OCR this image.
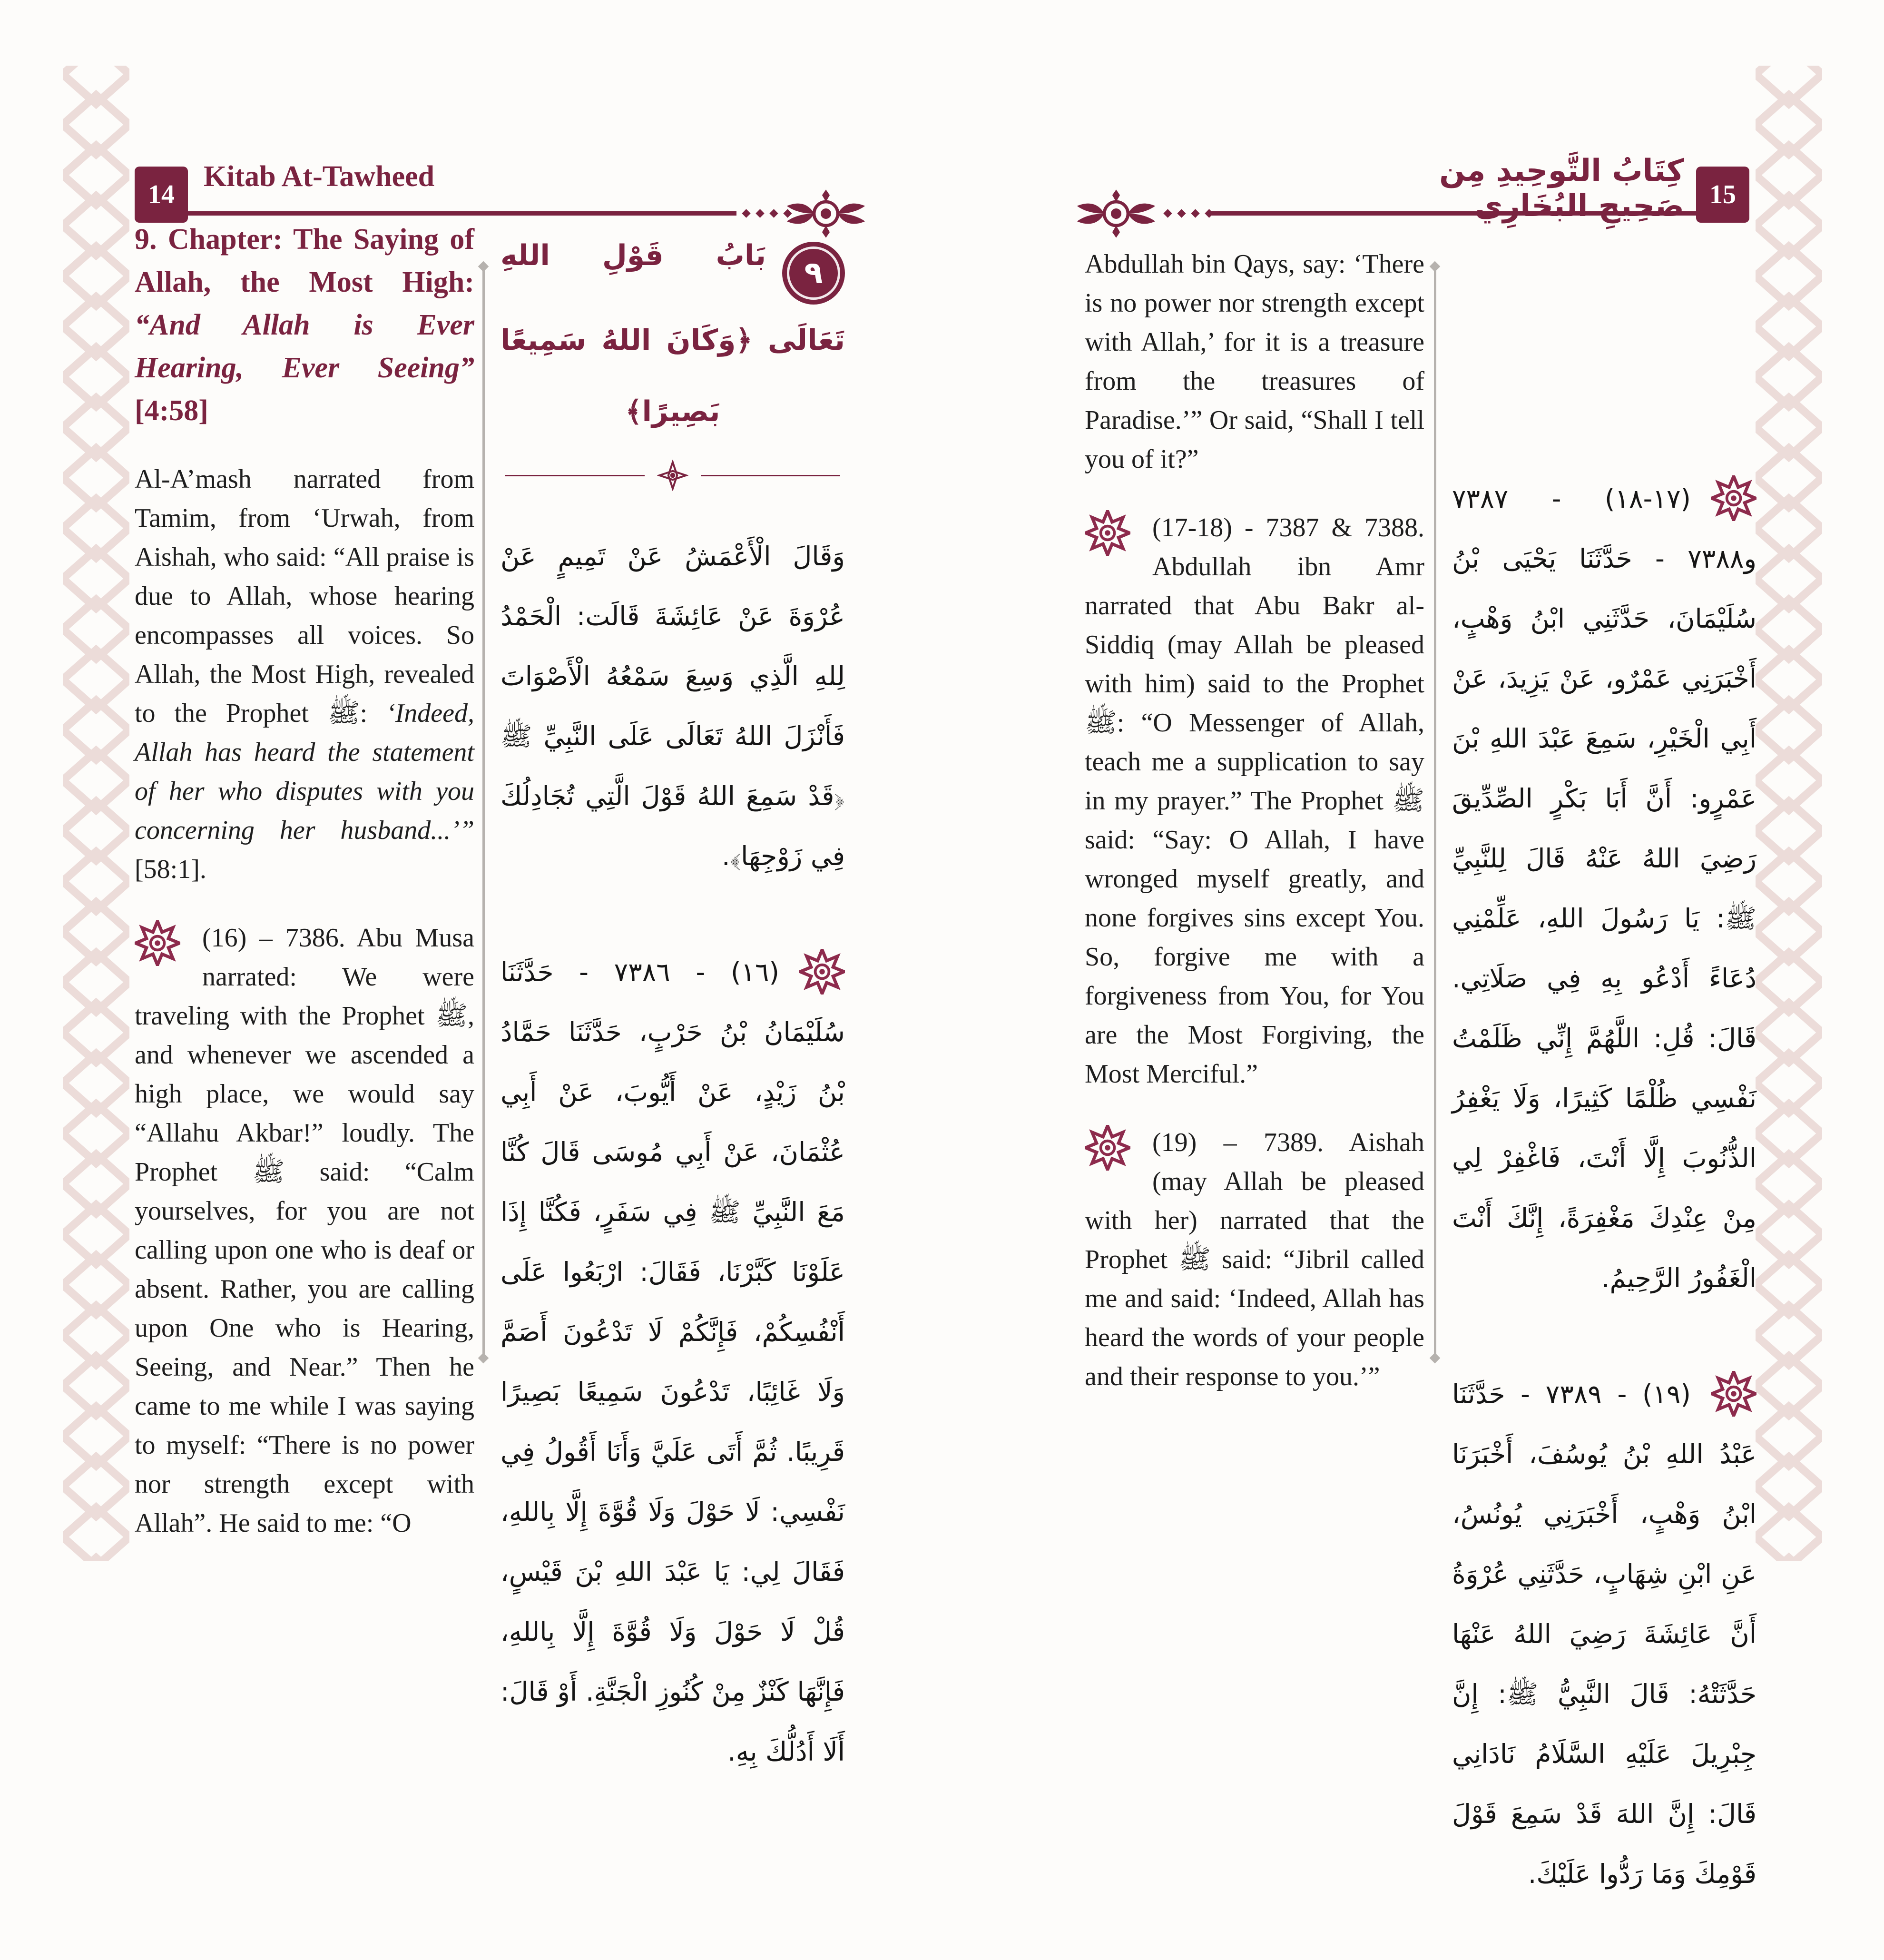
14
Kitab At-Tawheed
9. Chapter: The Saying of Allah, the Most High: “And Allah is Ever Hearing, Ever Seeing” [4:58]

Al-A’mash narrated from Tamim, from ‘Urwah, from Aishah, who said: “All praise is due to Allah, whose hearing encompasses all voices. So Allah, the Most High, revealed to the Prophet ﷺ: ‘Indeed, Allah has heard the statement of her who disputes with you concerning her husband...’” [58:1].

(16) – 7386. Abu Musa narrated: We were traveling with the Prophet ﷺ, and whenever we ascended a high place, we would say “Allahu Akbar!” loudly. The Prophet ﷺ said: “Calm yourselves, for you are not calling upon one who is deaf or absent. Rather, you are calling upon One who is Hearing, Seeing, and Near.” Then he came to me while I was saying to myself: “There is no power nor strength except with Allah”. He said to me: “O

٩
بَابُ قَوْلِ اللهِ تَعَالَى ﴿وَكَانَ اللهُ سَمِيعًا بَصِيرًا﴾

وَقَالَ الْأَعْمَشُ عَنْ تَمِيمٍ عَنْ عُرْوَةَ عَنْ عَائِشَةَ قَالَت: الْحَمْدُ لِلهِ الَّذِي وَسِعَ سَمْعُهُ الْأَصْوَاتَ فَأَنْزَلَ اللهُ تَعَالَى عَلَى النَّبِيِّ ﷺ ﴿قَدْ سَمِعَ اللهُ قَوْلَ الَّتِي تُجَادِلُكَ فِي زَوْجِهَا﴾.

(١٦) - ٧٣٨٦ - حَدَّثَنَا سُلَيْمَانُ بْنُ حَرْبٍ، حَدَّثَنَا حَمَّادُ بْنُ زَيْدٍ، عَنْ أَيُّوبَ، عَنْ أَبِي عُثْمَانَ، عَنْ أَبِي مُوسَى قَالَ كُنَّا مَعَ النَّبِيِّ ﷺ فِي سَفَرٍ، فَكُنَّا إِذَا عَلَوْنَا كَبَّرْنَا، فَقَالَ: ارْبَعُوا عَلَى أَنْفُسِكُمْ، فَإِنَّكُمْ لَا تَدْعُونَ أَصَمَّ وَلَا غَائِبًا، تَدْعُونَ سَمِيعًا بَصِيرًا قَرِيبًا. ثُمَّ أَتَى عَلَيَّ وَأَنَا أَقُولُ فِي نَفْسِي: لَا حَوْلَ وَلَا قُوَّةَ إِلَّا بِاللهِ، فَقَالَ لِي: يَا عَبْدَ اللهِ بْنَ قَيْسٍ، قُلْ لَا حَوْلَ وَلَا قُوَّةَ إِلَّا بِاللهِ، فَإِنَّهَا كَنْزٌ مِنْ كُنُوزِ الْجَنَّةِ. أَوْ قَالَ: أَلَا أَدُلُّكَ بِهِ.

كِتَابُ التَّوحِيدِ مِن صَحِيحِ البُخَارِي 15

Abdullah bin Qays, say: ‘There is no power nor strength except with Allah,’ for it is a treasure from the treasures of Paradise.’” Or said, “Shall I tell you of it?”

(17-18) - 7387 & 7388. Abdullah ibn Amr narrated that Abu Bakr al-Siddiq (may Allah be pleased with him) said to the Prophet ﷺ: “O Messenger of Allah, teach me a supplication to say in my prayer.” The Prophet ﷺ said: “Say: O Allah, I have wronged myself greatly, and none forgives sins except You. So, forgive me with a forgiveness from You, for You are the Most Forgiving, the Most Merciful.”

(19) – 7389. Aishah (may Allah be pleased with her) narrated that the Prophet ﷺ said: “Jibril called me and said: ‘Indeed, Allah has heard the words of your people and their response to you.’”

(١٧-١٨) - ٧٣٨٧ و٧٣٨٨ - حَدَّثَنَا يَحْيَى بْنُ سُلَيْمَانَ، حَدَّثَنِي ابْنُ وَهْبٍ، أَخْبَرَنِي عَمْرٌو، عَنْ يَزِيدَ، عَنْ أَبِي الْخَيْرِ، سَمِعَ عَبْدَ اللهِ بْنَ عَمْرٍو: أَنَّ أَبَا بَكْرٍ الصِّدِّيقَ رَضِيَ اللهُ عَنْهُ قَالَ لِلنَّبِيِّ ﷺ: يَا رَسُولَ اللهِ، عَلِّمْنِي دُعَاءً أَدْعُو بِهِ فِي صَلَاتِي. قَالَ: قُلِ: اللَّهُمَّ إِنِّي ظَلَمْتُ نَفْسِي ظُلْمًا كَثِيرًا، وَلَا يَغْفِرُ الذُّنُوبَ إِلَّا أَنْتَ، فَاغْفِرْ لِي مِنْ عِنْدِكَ مَغْفِرَةً، إِنَّكَ أَنْتَ الْغَفُورُ الرَّحِيمُ.

(١٩) - ٧٣٨٩ - حَدَّثَنَا عَبْدُ اللهِ بْنُ يُوسُفَ، أَخْبَرَنَا ابْنُ وَهْبٍ، أَخْبَرَنِي يُونُسُ، عَنِ ابْنِ شِهَابٍ، حَدَّثَنِي عُرْوَةُ أَنَّ عَائِشَةَ رَضِيَ اللهُ عَنْهَا حَدَّثَتْهُ: قَالَ النَّبِيُّ ﷺ: إِنَّ جِبْرِيلَ عَلَيْهِ السَّلَامُ نَادَانِي قَالَ: إِنَّ اللهَ قَدْ سَمِعَ قَوْلَ قَوْمِكَ وَمَا رَدُّوا عَلَيْكَ.
